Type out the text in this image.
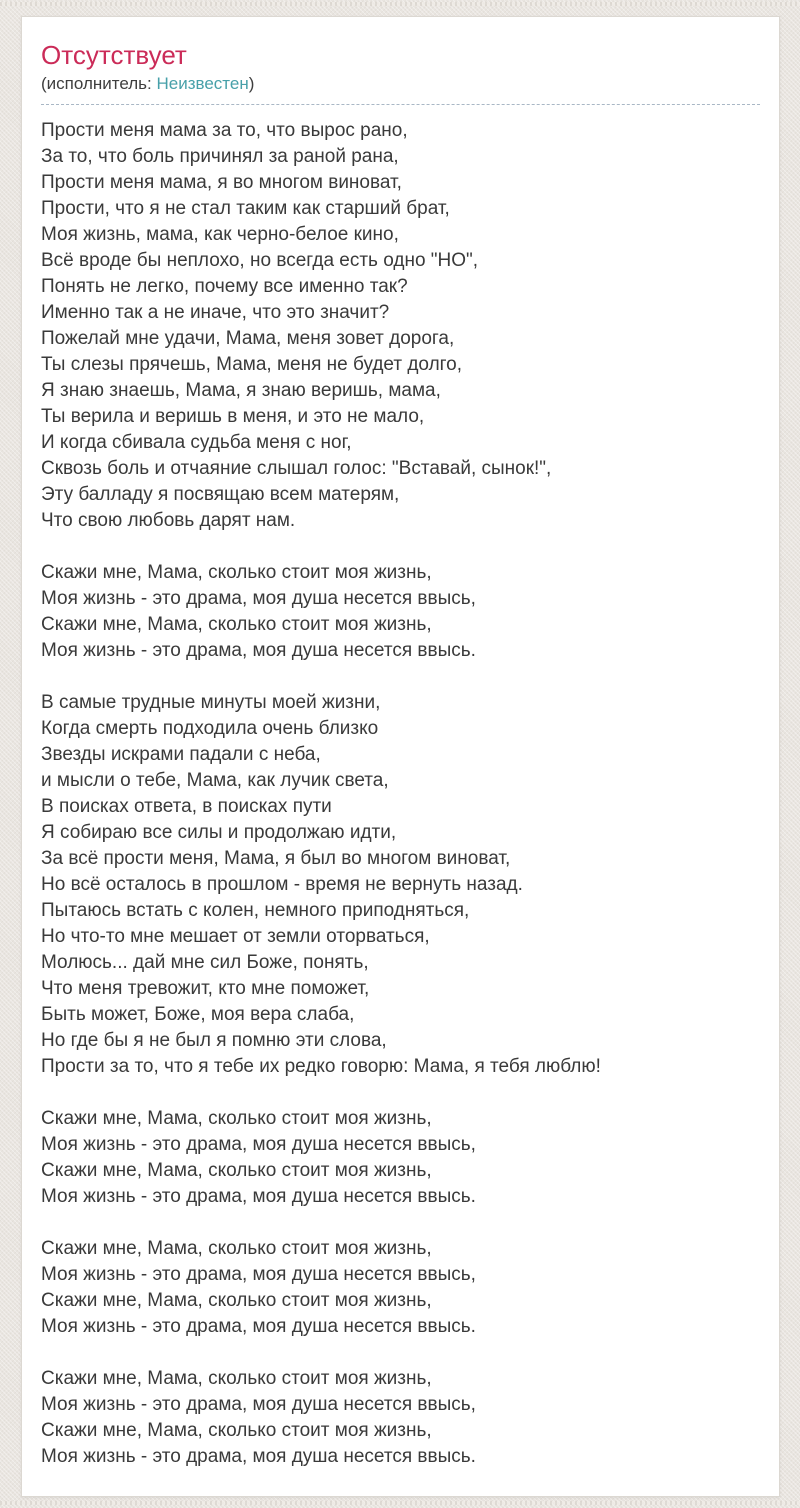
Отсутствует
(исполнитель: Неизвестен)

Прости меня мама за то, что вырос рано,
За то, что боль причинял за раной рана,
Прости меня мама, я во многом виноват,
Прости, что я не стал таким как старший брат,
Моя жизнь, мама, как черно-белое кино,
Всё вроде бы неплохо, но всегда есть одно "НО",
Понять не легко, почему все именно так?
Именно так а не иначе, что это значит?
Пожелай мне удачи, Мама, меня зовет дорога,
Ты слезы прячешь, Мама, меня не будет долго,
Я знаю знаешь, Мама, я знаю веришь, мама,
Ты верила и веришь в меня, и это не мало,
И когда сбивала судьба меня с ног,
Сквозь боль и отчаяние слышал голос: "Вставай, сынок!",
Эту балладу я посвящаю всем матерям,
Что свою любовь дарят нам.

Скажи мне, Мама, сколько стоит моя жизнь,
Моя жизнь - это драма, моя душа несется ввысь,
Скажи мне, Мама, сколько стоит моя жизнь,
Моя жизнь - это драма, моя душа несется ввысь.

В самые трудные минуты моей жизни,
Когда смерть подходила очень близко
Звезды искрами падали с неба,
и мысли о тебе, Мама, как лучик света,
В поисках ответа, в поисках пути
Я собираю все силы и продолжаю идти,
За всё прости меня, Мама, я был во многом виноват,
Но всё осталось в прошлом - время не вернуть назад.
Пытаюсь встать с колен, немного приподняться,
Но что-то мне мешает от земли оторваться,
Молюсь... дай мне сил Боже, понять,
Что меня тревожит, кто мне поможет,
Быть может, Боже, моя вера слаба,
Но где бы я не был я помню эти слова,
Прости за то, что я тебе их редко говорю: Мама, я тебя люблю!

Скажи мне, Мама, сколько стоит моя жизнь,
Моя жизнь - это драма, моя душа несется ввысь,
Скажи мне, Мама, сколько стоит моя жизнь,
Моя жизнь - это драма, моя душа несется ввысь.

Скажи мне, Мама, сколько стоит моя жизнь,
Моя жизнь - это драма, моя душа несется ввысь,
Скажи мне, Мама, сколько стоит моя жизнь,
Моя жизнь - это драма, моя душа несется ввысь.

Скажи мне, Мама, сколько стоит моя жизнь,
Моя жизнь - это драма, моя душа несется ввысь,
Скажи мне, Мама, сколько стоит моя жизнь,
Моя жизнь - это драма, моя душа несется ввысь.
